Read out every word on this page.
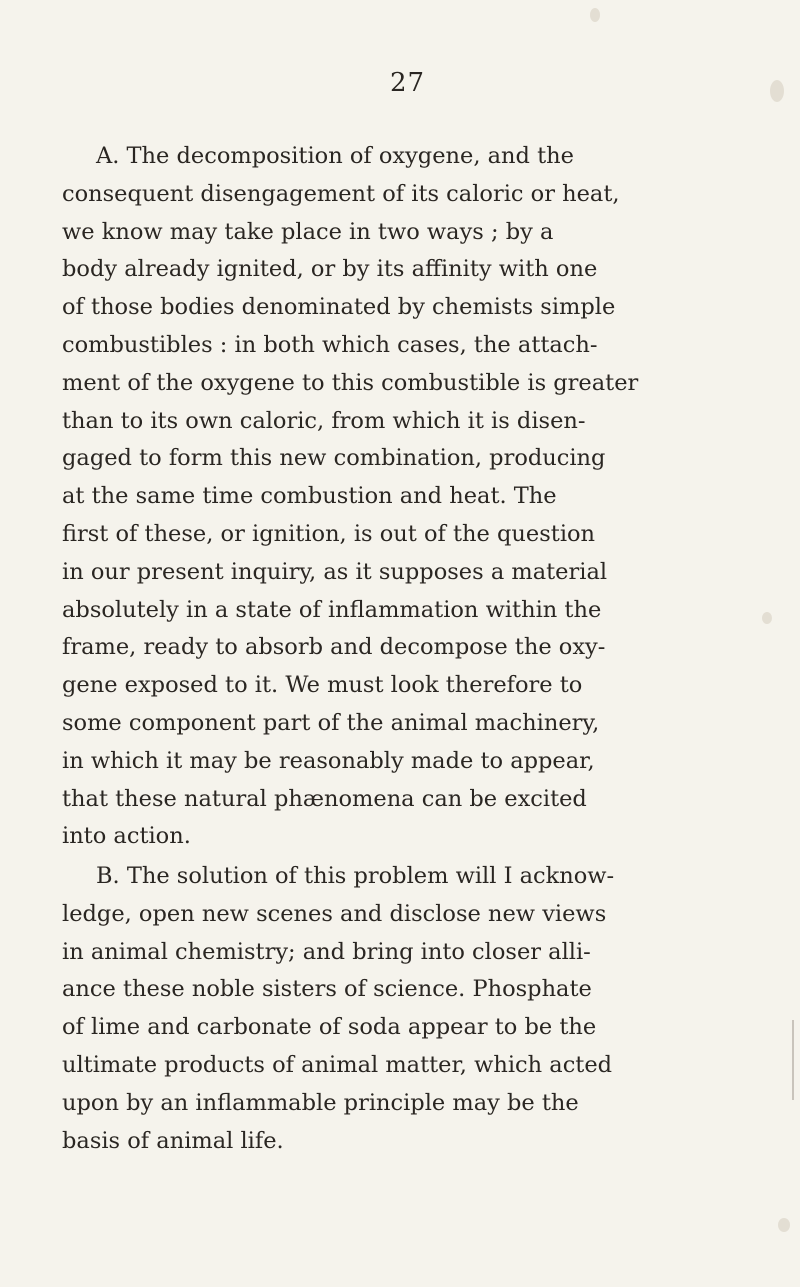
27
A. The decomposition of oxygene, and the
consequent disengagement of its caloric or heat,
we know may take place in two ways ; by a
body already ignited, or by its affinity with one
of those bodies denominated by chemists simple
combustibles : in both which cases, the attach-
ment of the oxygene to this combustible is greater
than to its own caloric, from which it is disen-
gaged to form this new combination, producing
at the same time combustion and heat. The
first of these, or ignition, is out of the question
in our present inquiry, as it supposes a material
absolutely in a state of inflammation within the
frame, ready to absorb and decompose the oxy-
gene exposed to it. We must look therefore to
some component part of the animal machinery,
in which it may be reasonably made to appear,
that these natural phænomena can be excited
into action.
B. The solution of this problem will I acknow-
ledge, open new scenes and disclose new views
in animal chemistry; and bring into closer alli-
ance these noble sisters of science. Phosphate
of lime and carbonate of soda appear to be the
ultimate products of animal matter, which acted
upon by an inflammable principle may be the
basis of animal life.
